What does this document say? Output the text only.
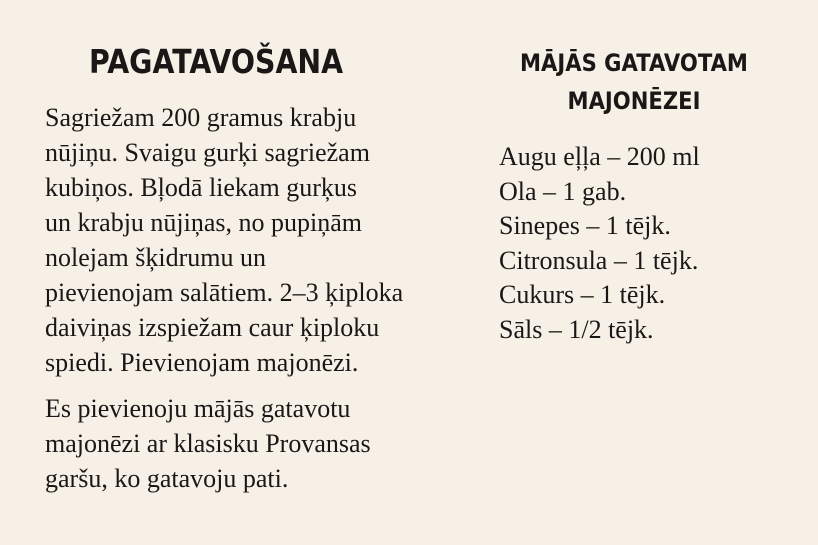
PAGATAVOŠANA
Sagriežam 200 gramus krabju
nūjiņu. Svaigu gurķi sagriežam
kubiņos. Bļodā liekam gurķus
un krabju nūjiņas, no pupiņām
nolejam šķidrumu un
pievienojam salātiem. 2–3 ķiploka
daiviņas izspiežam caur ķiploku
spiedi. Pievienojam majonēzi.
Es pievienoju mājās gatavotu
majonēzi ar klasisku Provansas
garšu, ko gatavoju pati.
MĀJĀS GATAVOTAM
MAJONĒZEI
Augu eļļa – 200 ml
Ola – 1 gab.
Sinepes – 1 tējk.
Citronsula – 1 tējk.
Cukurs – 1 tējk.
Sāls – 1/2 tējk.
